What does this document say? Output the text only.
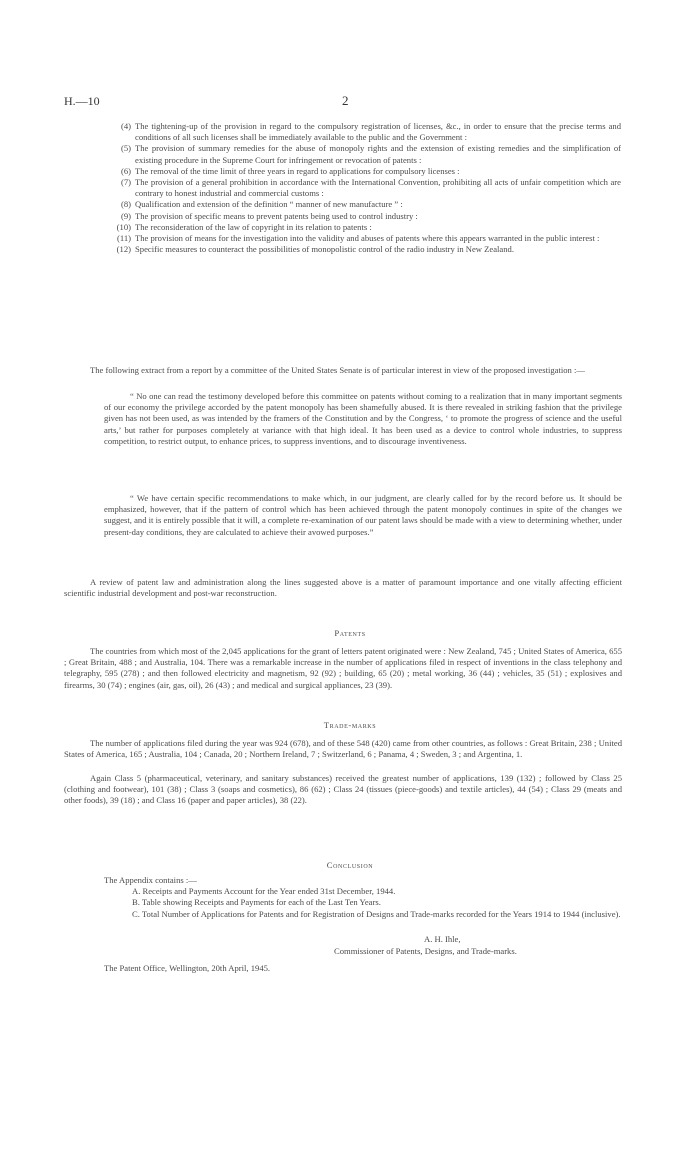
H.—10	2
(4) The tightening-up of the provision in regard to the compulsory registration of licenses, &c., in order to ensure that the precise terms and conditions of all such licenses shall be immediately available to the public and the Government :
(5) The provision of summary remedies for the abuse of monopoly rights and the extension of existing remedies and the simplification of existing procedure in the Supreme Court for infringement or revocation of patents :
(6) The removal of the time limit of three years in regard to applications for compulsory licenses :
(7) The provision of a general prohibition in accordance with the International Convention, prohibiting all acts of unfair competition which are contrary to honest industrial and commercial customs :
(8) Qualification and extension of the definition “ manner of new manufacture ” :
(9) The provision of specific means to prevent patents being used to control industry :
(10) The reconsideration of the law of copyright in its relation to patents :
(11) The provision of means for the investigation into the validity and abuses of patents where this appears warranted in the public interest :
(12) Specific measures to counteract the possibilities of monopolistic control of the radio industry in New Zealand.

The following extract from a report by a committee of the United States Senate is of particular interest in view of the proposed investigation :—

“ No one can read the testimony developed before this committee on patents without coming to a realization that in many important segments of our economy the privilege accorded by the patent monopoly has been shamefully abused. It is there revealed in striking fashion that the privilege given has not been used, as was intended by the framers of the Constitution and by the Congress, ‘ to promote the progress of science and the useful arts,’ but rather for purposes completely at variance with that high ideal. It has been used as a device to control whole industries, to suppress competition, to restrict output, to enhance prices, to suppress inventions, and to discourage inventiveness.

“ We have certain specific recommendations to make which, in our judgment, are clearly called for by the record before us. It should be emphasized, however, that if the pattern of control which has been achieved through the patent monopoly continues in spite of the changes we suggest, and it is entirely possible that it will, a complete re-examination of our patent laws should be made with a view to determining whether, under present-day conditions, they are calculated to achieve their avowed purposes.”

A review of patent law and administration along the lines suggested above is a matter of paramount importance and one vitally affecting efficient scientific industrial development and post-war reconstruction.

Patents

The countries from which most of the 2,045 applications for the grant of letters patent originated were : New Zealand, 745 ; United States of America, 655 ; Great Britain, 488 ; and Australia, 104. There was a remarkable increase in the number of applications filed in respect of inventions in the class telephony and telegraphy, 595 (278) ; and then followed electricity and magnetism, 92 (92) ; building, 65 (20) ; metal working, 36 (44) ; vehicles, 35 (51) ; explosives and firearms, 30 (74) ; engines (air, gas, oil), 26 (43) ; and medical and surgical appliances, 23 (39).

Trade-marks

The number of applications filed during the year was 924 (678), and of these 548 (420) came from other countries, as follows : Great Britain, 238 ; United States of America, 165 ; Australia, 104 ; Canada, 20 ; Northern Ireland, 7 ; Switzerland, 6 ; Panama, 4 ; Sweden, 3 ; and Argentina, 1.

Again Class 5 (pharmaceutical, veterinary, and sanitary substances) received the greatest number of applications, 139 (132) ; followed by Class 25 (clothing and footwear), 101 (38) ; Class 3 (soaps and cosmetics), 86 (62) ; Class 24 (tissues (piece-goods) and textile articles), 44 (54) ; Class 29 (meats and other foods), 39 (18) ; and Class 16 (paper and paper articles), 38 (22).

Conclusion

The Appendix contains :—
A. Receipts and Payments Account for the Year ended 31st December, 1944.
B. Table showing Receipts and Payments for each of the Last Ten Years.
C. Total Number of Applications for Patents and for Registration of Designs and Trade-marks recorded for the Years 1914 to 1944 (inclusive).
A. H. Ihle,
Commissioner of Patents, Designs, and Trade-marks.
The Patent Office, Wellington, 20th April, 1945.
